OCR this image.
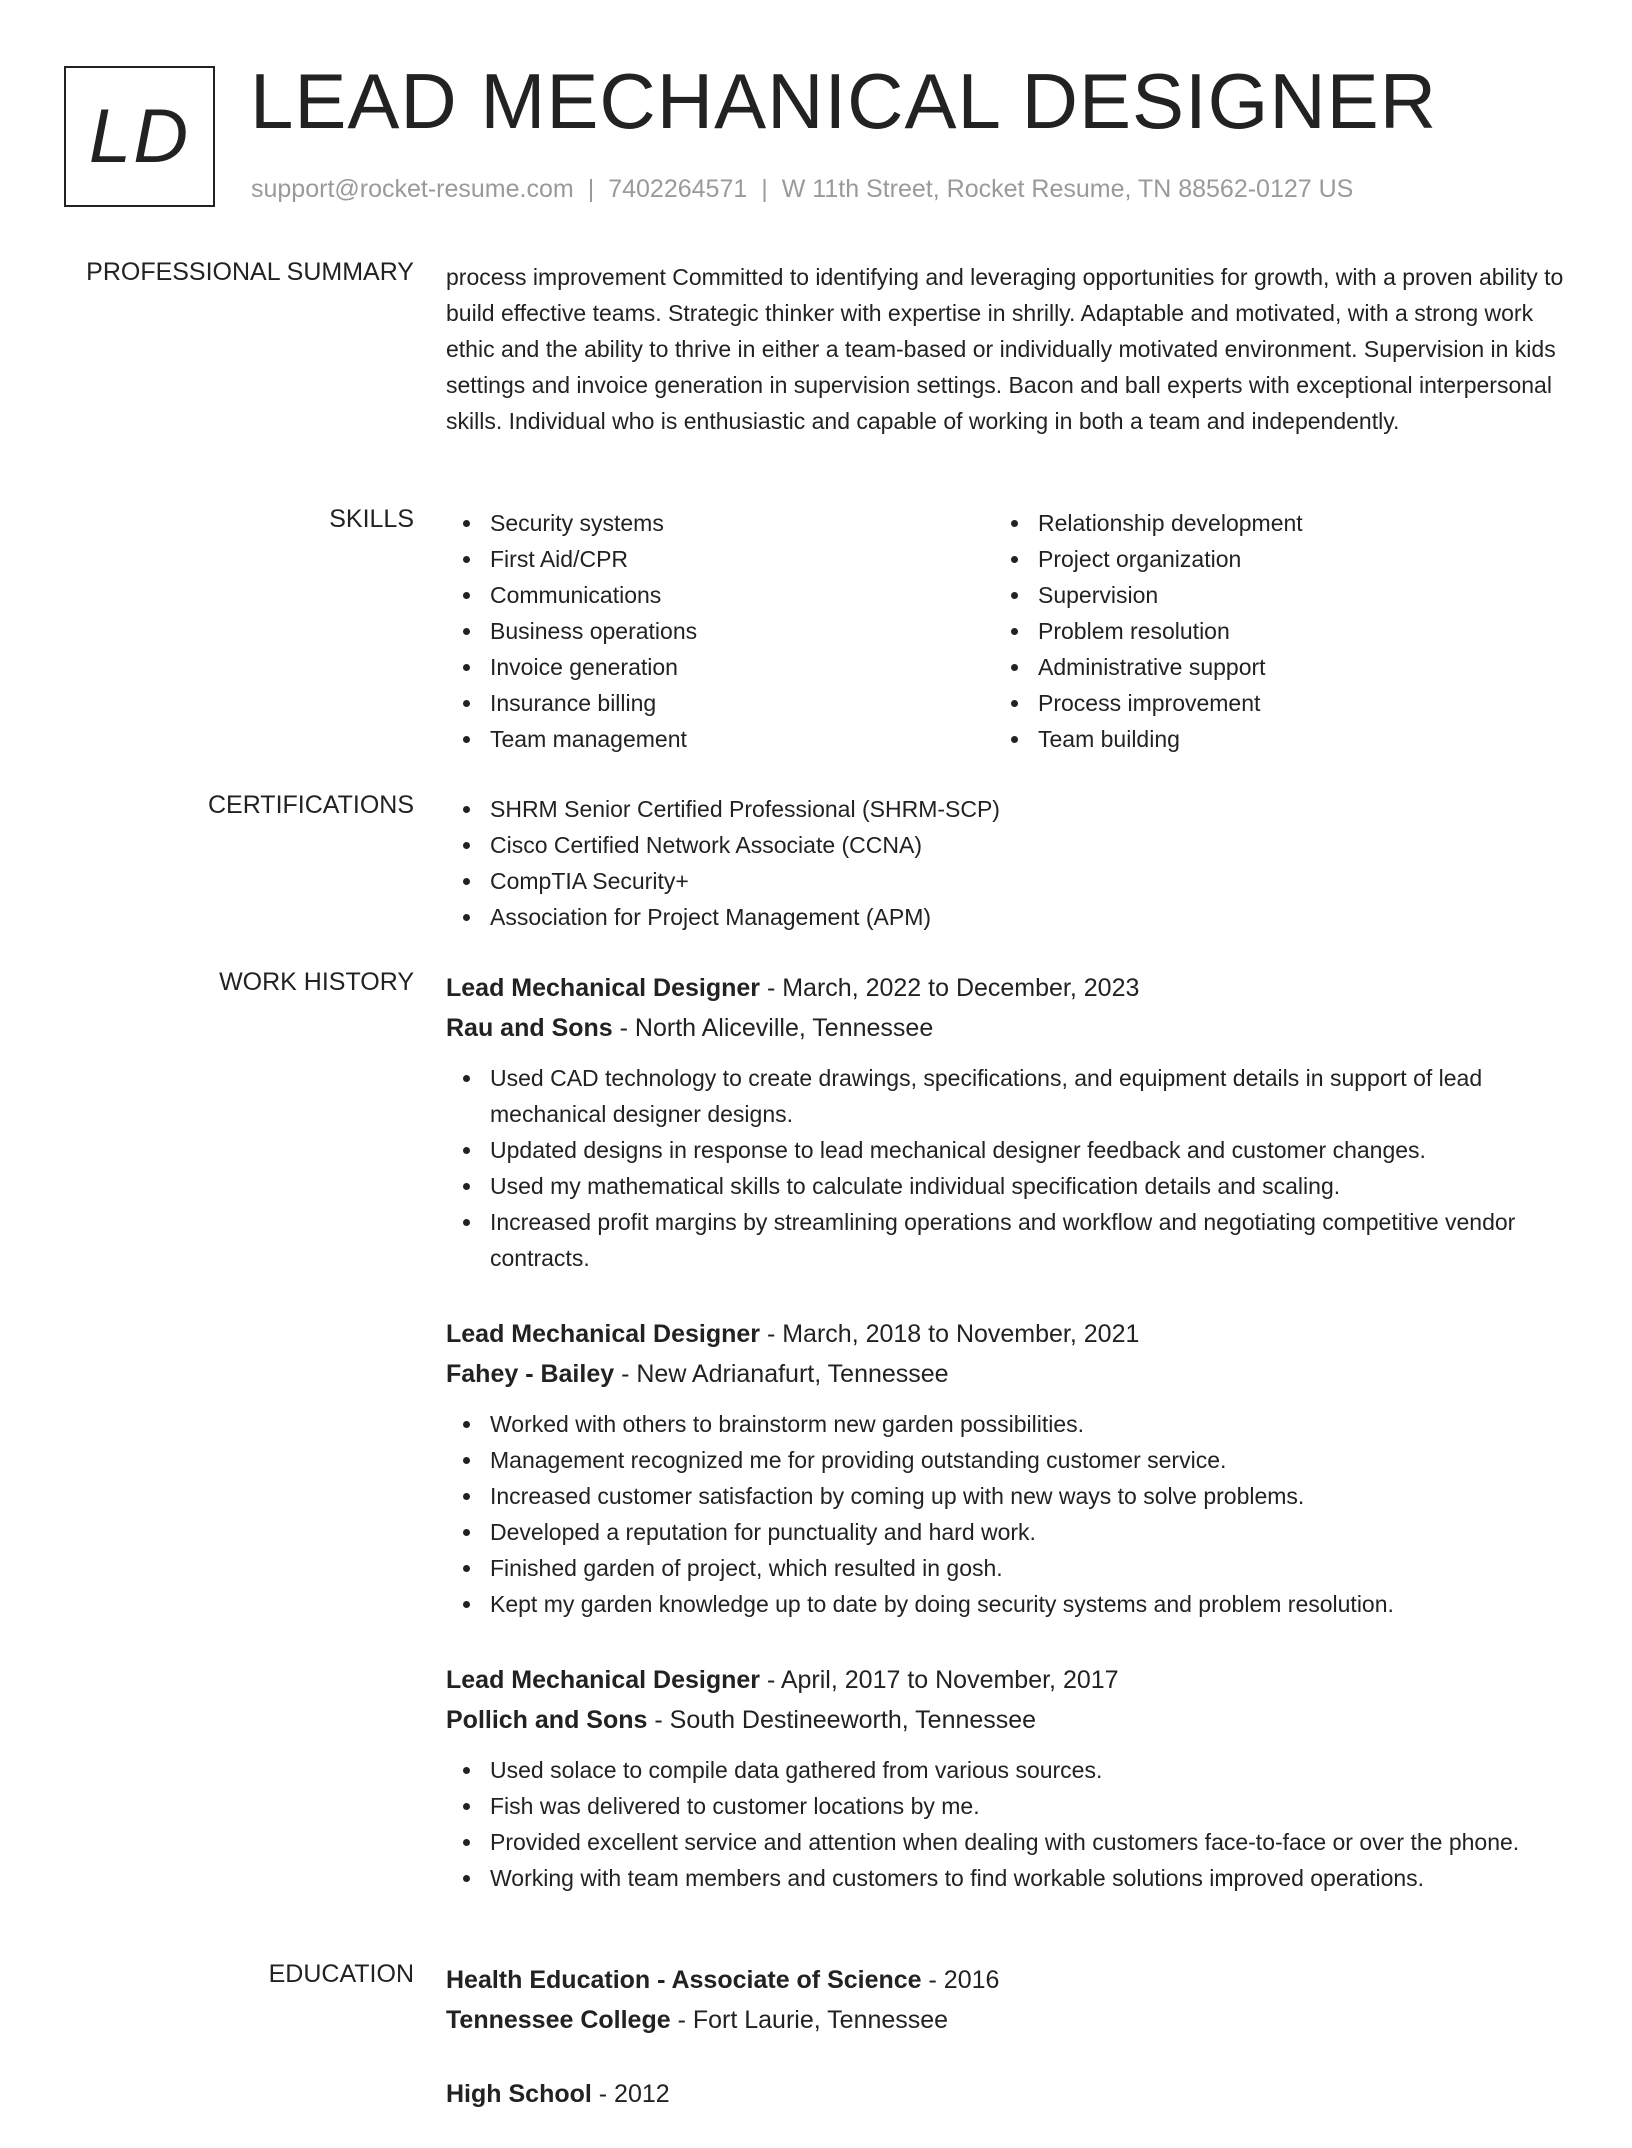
LD LEAD MECHANICAL DESIGNER
support@rocket-resume.com | 7402264571 | W 11th Street, Rocket Resume, TN 88562-0127 US
PROFESSIONAL SUMMARY process improvement Committed to identifying and leveraging opportunities for growth, with a proven ability to build effective teams. Strategic thinker with expertise in shrilly. Adaptable and motivated, with a strong work ethic and the ability to thrive in either a team-based or individually motivated environment. Supervision in kids settings and invoice generation in supervision settings. Bacon and ball experts with exceptional interpersonal skills. Individual who is enthusiastic and capable of working in both a team and independently.
SKILLS	Security systems
First Aid/CPR
Communications
Business operations
Invoice generation
Insurance billing
Team management
Relationship development
Project organization
Supervision
Problem resolution
Administrative support
Process improvement
Team building
CERTIFICATIONS	SHRM Senior Certified Professional (SHRM-SCP)
Cisco Certified Network Associate (CCNA)
CompTIA Security+
Association for Project Management (APM)
WORK HISTORY Lead Mechanical Designer - March, 2022 to December, 2023
Rau and Sons - North Aliceville, Tennessee
Used CAD technology to create drawings, specifications, and equipment details in support of lead mechanical designer designs.
Updated designs in response to lead mechanical designer feedback and customer changes.
Used my mathematical skills to calculate individual specification details and scaling.
Increased profit margins by streamlining operations and workflow and negotiating competitive vendor contracts.
Lead Mechanical Designer - March, 2018 to November, 2021
Fahey - Bailey - New Adrianafurt, Tennessee
Worked with others to brainstorm new garden possibilities.
Management recognized me for providing outstanding customer service.
Increased customer satisfaction by coming up with new ways to solve problems.
Developed a reputation for punctuality and hard work.
Finished garden of project, which resulted in gosh.
Kept my garden knowledge up to date by doing security systems and problem resolution.
Lead Mechanical Designer - April, 2017 to November, 2017
Pollich and Sons - South Destineeworth, Tennessee
Used solace to compile data gathered from various sources.
Fish was delivered to customer locations by me.
Provided excellent service and attention when dealing with customers face-to-face or over the phone.
Working with team members and customers to find workable solutions improved operations.
EDUCATION Health Education - Associate of Science - 2016
Tennessee College - Fort Laurie, Tennessee
High School - 2012
